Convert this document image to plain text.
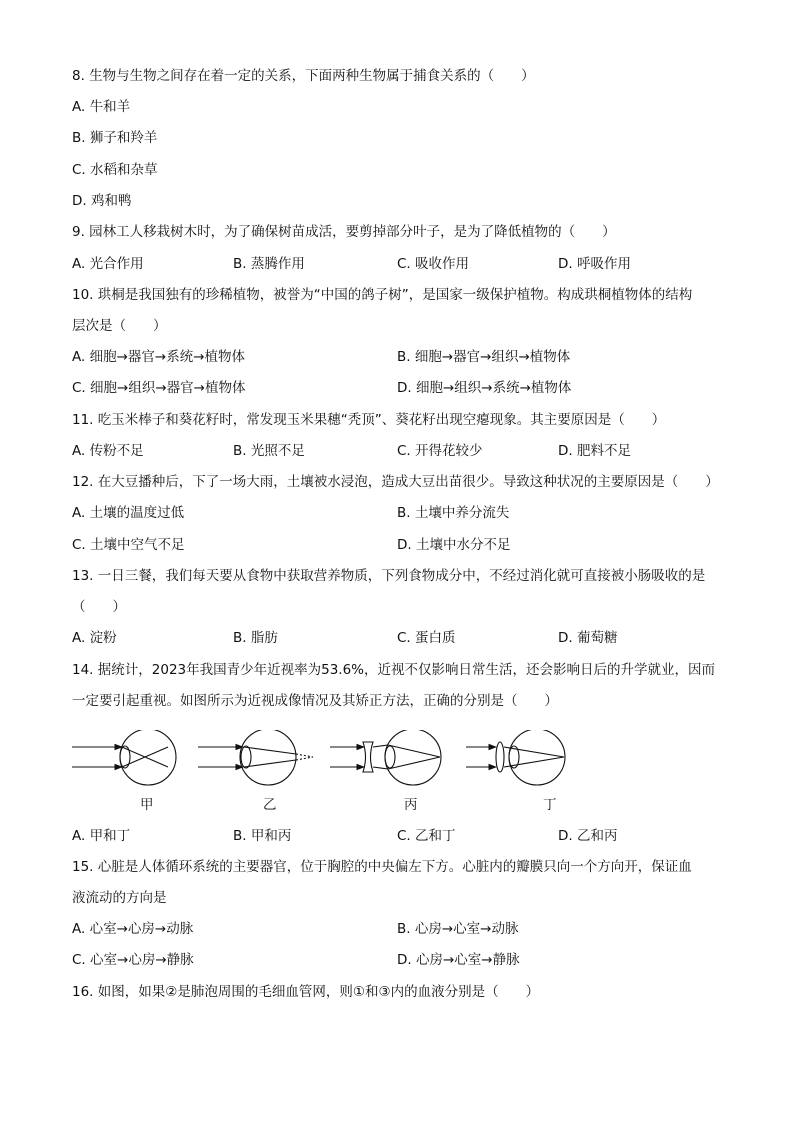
8. 生物与生物之间存在着一定的关系，下面两种生物属于捕食关系的（　　）
A. 牛和羊
B. 狮子和羚羊
C. 水稻和杂草
D. 鸡和鸭
9. 园林工人移栽树木时，为了确保树苗成活，要剪掉部分叶子，是为了降低植物的（　　）
A. 光合作用	B. 蒸腾作用	C. 吸收作用	D. 呼吸作用
10. 珙桐是我国独有的珍稀植物，被誉为“中国的鸽子树”，是国家一级保护植物。构成珙桐植物体的结构
层次是（　　）
A. 细胞→器官→系统→植物体	B. 细胞→器官→组织→植物体
C. 细胞→组织→器官→植物体	D. 细胞→组织→系统→植物体
11. 吃玉米棒子和葵花籽时，常发现玉米果穗“秃顶”、葵花籽出现空瘪现象。其主要原因是（　　）
A. 传粉不足	B. 光照不足	C. 开得花较少	D. 肥料不足
12. 在大豆播种后，下了一场大雨，土壤被水浸泡，造成大豆出苗很少。导致这种状况的主要原因是（　　）
A. 土壤的温度过低	B. 土壤中养分流失
C. 土壤中空气不足	D. 土壤中水分不足
13. 一日三餐，我们每天要从食物中获取营养物质，下列食物成分中，不经过消化就可直接被小肠吸收的是
（　　）
A. 淀粉	B. 脂肪	C. 蛋白质	D. 葡萄糖
14. 据统计，2023年我国青少年近视率为53.6%，近视不仅影响日常生活，还会影响日后的升学就业，因而
一定要引起重视。如图所示为近视成像情况及其矫正方法，正确的分别是（　　）
甲	乙	丙	丁
A. 甲和丁	B. 甲和丙	C. 乙和丁	D. 乙和丙
15. 心脏是人体循环系统的主要器官，位于胸腔的中央偏左下方。心脏内的瓣膜只向一个方向开，保证血
液流动的方向是
A. 心室→心房→动脉	B. 心房→心室→动脉
C. 心室→心房→静脉	D. 心房→心室→静脉
16. 如图，如果②是肺泡周围的毛细血管网，则①和③内的血液分别是（　　）
